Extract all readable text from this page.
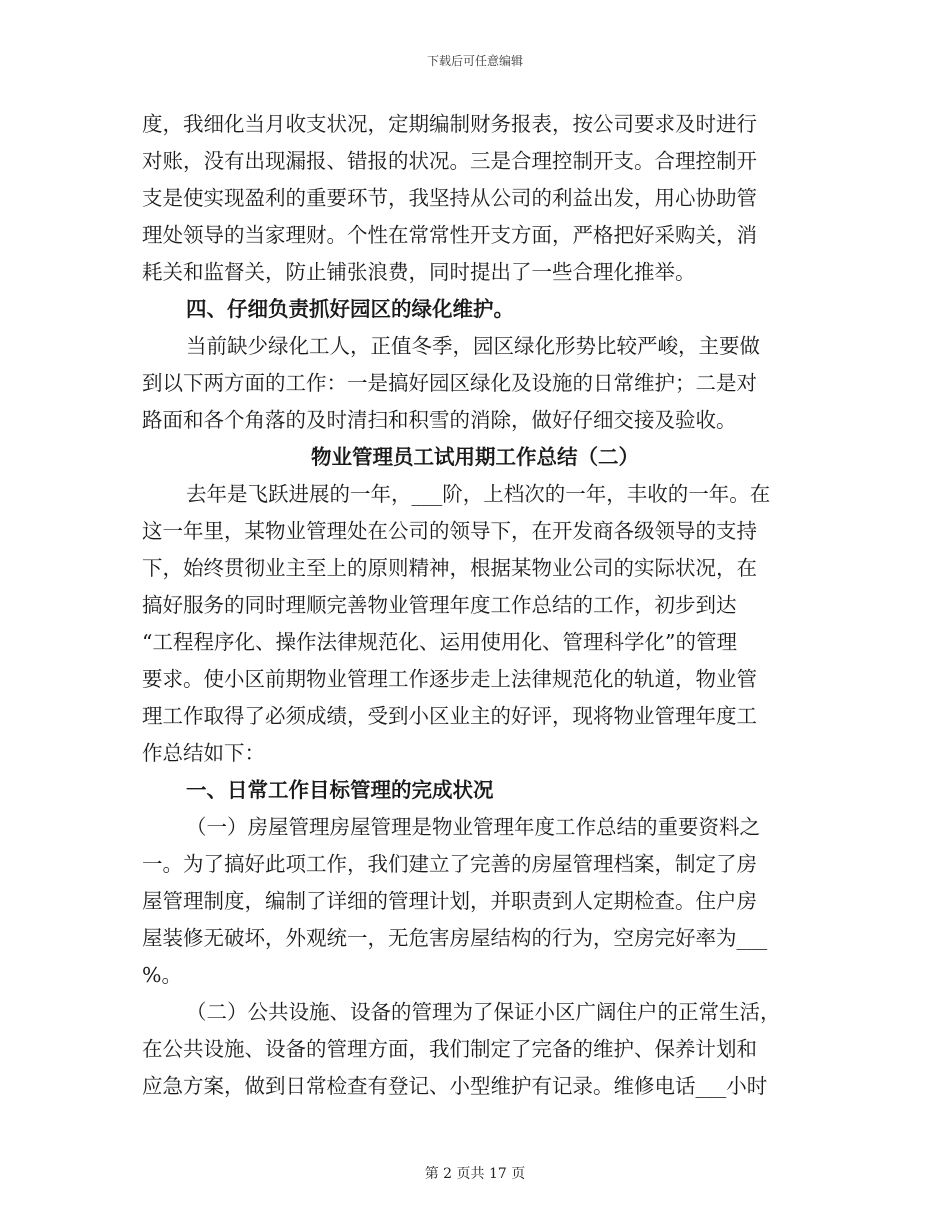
下载后可任意编辑
度，我细化当月收支状况，定期编制财务报表，按公司要求及时进行
对账，没有出现漏报、错报的状况。三是合理控制开支。合理控制开
支是使实现盈利的重要环节，我坚持从公司的利益出发，用心协助管
理处领导的当家理财。个性在常常性开支方面，严格把好采购关，消
耗关和监督关，防止铺张浪费，同时提出了一些合理化推举。
四、仔细负责抓好园区的绿化维护。
当前缺少绿化工人，正值冬季，园区绿化形势比较严峻，主要做
到以下两方面的工作：一是搞好园区绿化及设施的日常维护；二是对
路面和各个角落的及时清扫和积雪的消除，做好仔细交接及验收。
物业管理员工试用期工作总结（二）
去年是飞跃进展的一年，___阶，上档次的一年，丰收的一年。在
这一年里，某物业管理处在公司的领导下，在开发商各级领导的支持
下，始终贯彻业主至上的原则精神，根据某物业公司的实际状况，在
搞好服务的同时理顺完善物业管理年度工作总结的工作，初步到达
“工程程序化、操作法律规范化、运用使用化、管理科学化”的管理
要求。使小区前期物业管理工作逐步走上法律规范化的轨道，物业管
理工作取得了必须成绩，受到小区业主的好评，现将物业管理年度工
作总结如下：
一、日常工作目标管理的完成状况
（一）房屋管理房屋管理是物业管理年度工作总结的重要资料之
一。为了搞好此项工作，我们建立了完善的房屋管理档案，制定了房
屋管理制度，编制了详细的管理计划，并职责到人定期检查。住户房
屋装修无破坏，外观统一，无危害房屋结构的行为，空房完好率为___
%。
（二）公共设施、设备的管理为了保证小区广阔住户的正常生活，
在公共设施、设备的管理方面，我们制定了完备的维护、保养计划和
应急方案，做到日常检查有登记、小型维护有记录。维修电话___小时
第 2 页共 17 页
